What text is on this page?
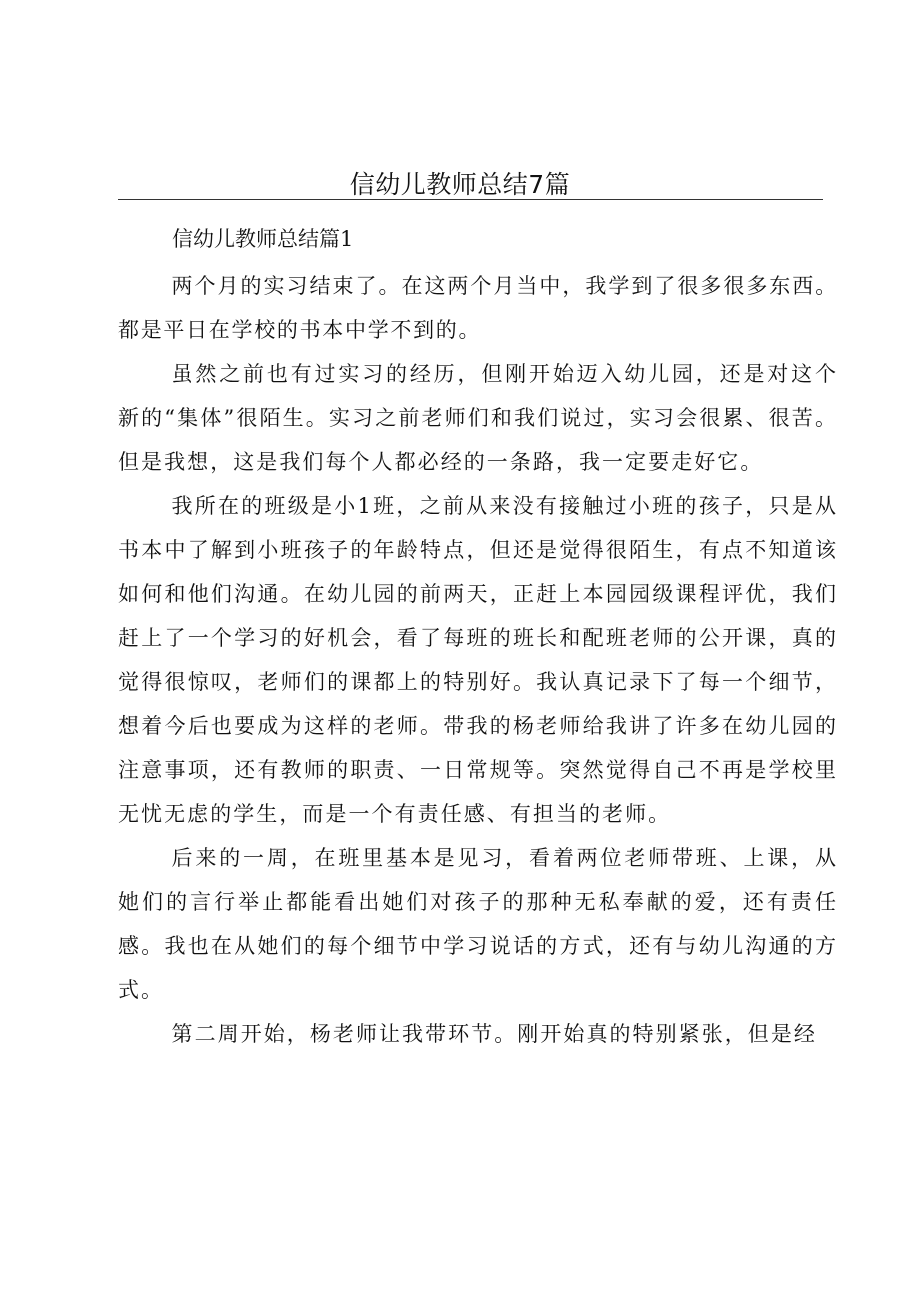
信幼儿教师总结7篇

信幼儿教师总结篇1

两个月的实习结束了。在这两个月当中，我学到了很多很多东西。都是平日在学校的书本中学不到的。

虽然之前也有过实习的经历，但刚开始迈入幼儿园，还是对这个新的“集体”很陌生。实习之前老师们和我们说过，实习会很累、很苦。但是我想，这是我们每个人都必经的一条路，我一定要走好它。

我所在的班级是小1班，之前从来没有接触过小班的孩子，只是从书本中了解到小班孩子的年龄特点，但还是觉得很陌生，有点不知道该如何和他们沟通。在幼儿园的前两天，正赶上本园园级课程评优，我们赶上了一个学习的好机会，看了每班的班长和配班老师的公开课，真的觉得很惊叹，老师们的课都上的特别好。我认真记录下了每一个细节，想着今后也要成为这样的老师。带我的杨老师给我讲了许多在幼儿园的注意事项，还有教师的职责、一日常规等。突然觉得自己不再是学校里无忧无虑的学生，而是一个有责任感、有担当的老师。

后来的一周，在班里基本是见习，看着两位老师带班、上课，从她们的言行举止都能看出她们对孩子的那种无私奉献的爱，还有责任感。我也在从她们的每个细节中学习说话的方式，还有与幼儿沟通的方式。

第二周开始，杨老师让我带环节。刚开始真的特别紧张，但是经
